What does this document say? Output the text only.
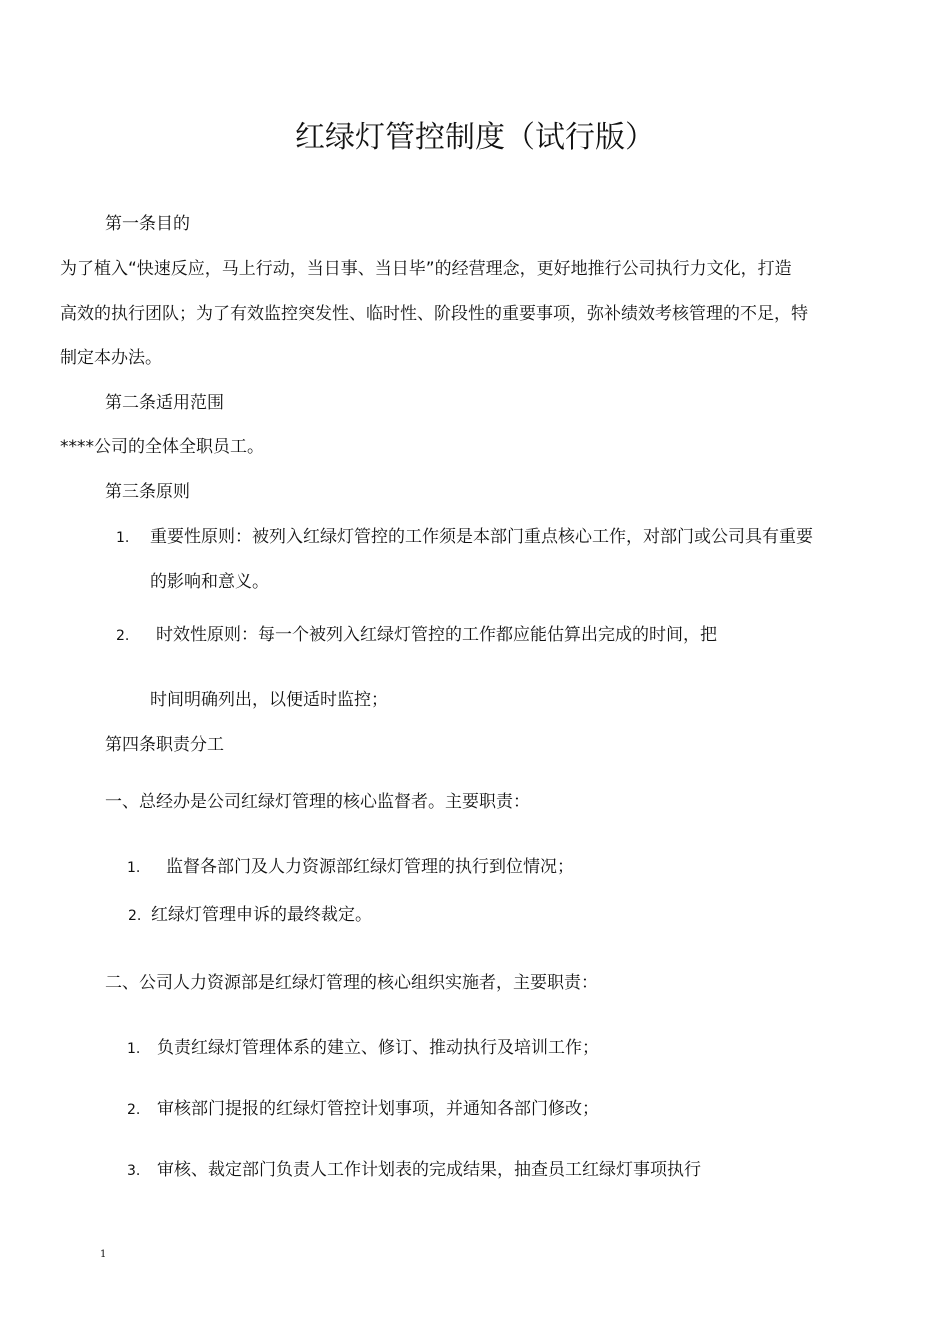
红绿灯管控制度（试行版）
第一条目的
为了植入“快速反应，马上行动，当日事、当日毕”的经营理念，更好地推行公司执行力文化，打造
高效的执行团队；为了有效监控突发性、临时性、阶段性的重要事项，弥补绩效考核管理的不足，特
制定本办法。
第二条适用范围
****公司的全体全职员工。
第三条原则
1. 重要性原则：被列入红绿灯管控的工作须是本部门重点核心工作，对部门或公司具有重要
的影响和意义。
2. 时效性原则：每一个被列入红绿灯管控的工作都应能估算出完成的时间，把
时间明确列出，以便适时监控；
第四条职责分工
一、总经办是公司红绿灯管理的核心监督者。主要职责：
1. 监督各部门及人力资源部红绿灯管理的执行到位情况；
2. 红绿灯管理申诉的最终裁定。
二、公司人力资源部是红绿灯管理的核心组织实施者，主要职责：
1. 负责红绿灯管理体系的建立、修订、推动执行及培训工作；
2. 审核部门提报的红绿灯管控计划事项，并通知各部门修改；
3. 审核、裁定部门负责人工作计划表的完成结果，抽查员工红绿灯事项执行
1
